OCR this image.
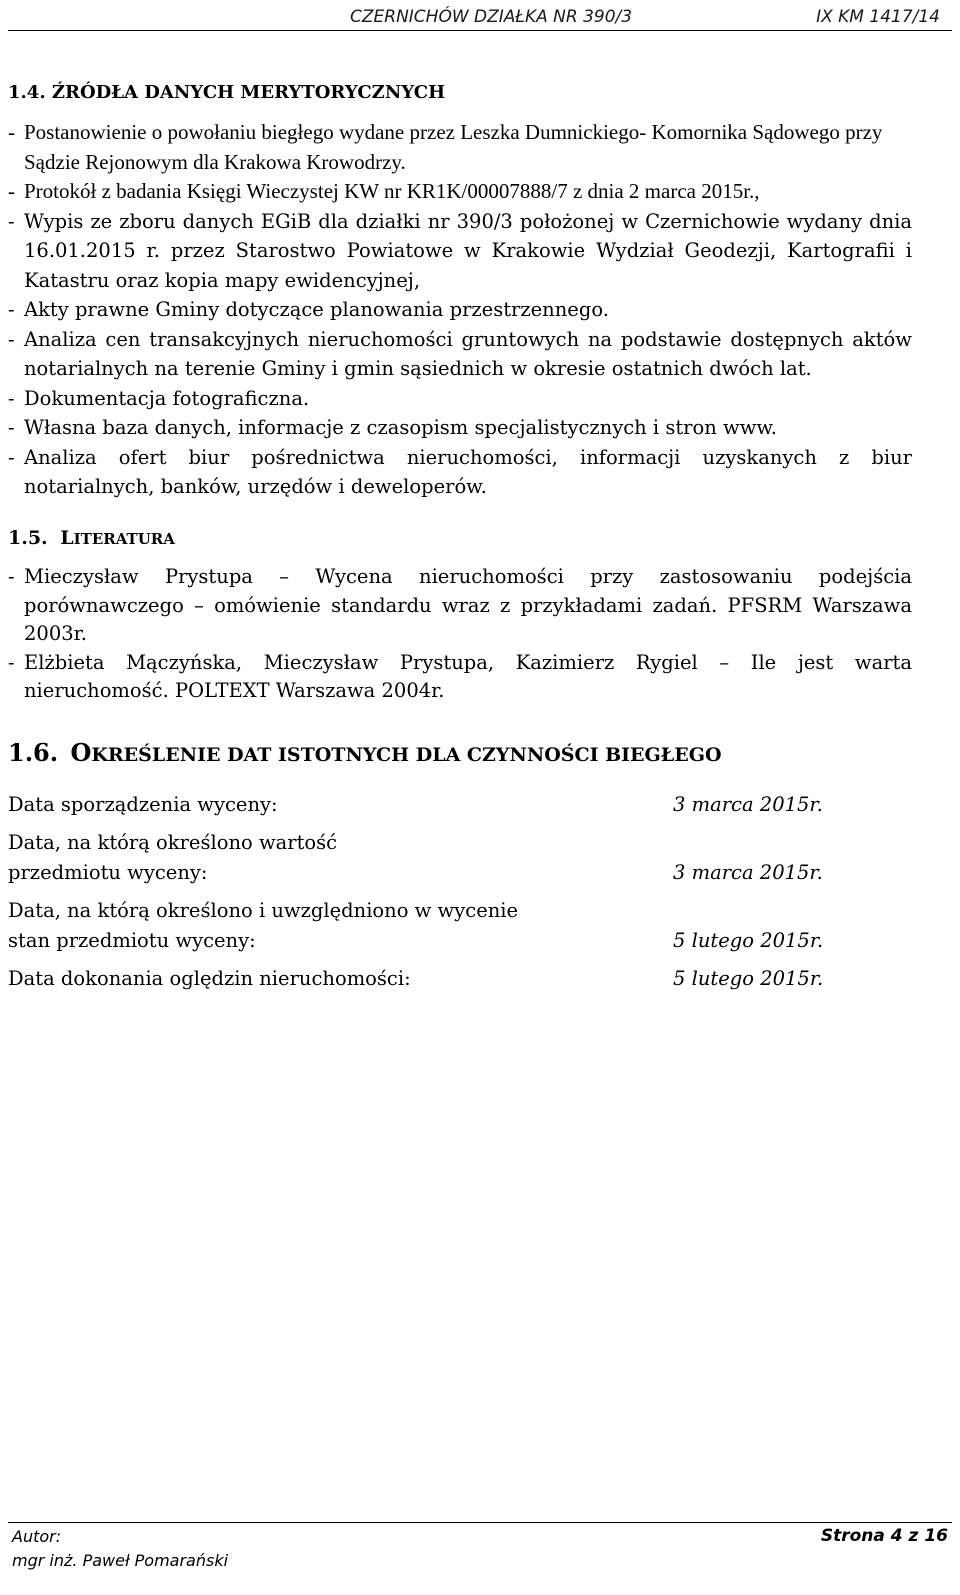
CZERNICHÓW DZIAŁKA NR 390/3	IX KM 1417/14
1.4. ŹRÓDŁA DANYCH MERYTORYCZNYCH
- Postanowienie o powołaniu biegłego wydane przez Leszka Dumnickiego- Komornika Sądowego przy Sądzie Rejonowym dla Krakowa Krowodrzy.
- Protokół z badania Księgi Wieczystej KW nr KR1K/00007888/7 z dnia 2 marca 2015r.,
- Wypis ze zboru danych EGiB dla działki nr 390/3 położonej w Czernichowie wydany dnia 16.01.2015 r. przez Starostwo Powiatowe w Krakowie Wydział Geodezji, Kartografii i Katastru oraz kopia mapy ewidencyjnej,
- Akty prawne Gminy dotyczące planowania przestrzennego.
- Analiza cen transakcyjnych nieruchomości gruntowych na podstawie dostępnych aktów notarialnych na terenie Gminy i gmin sąsiednich w okresie ostatnich dwóch lat.
- Dokumentacja fotograficzna.
- Własna baza danych, informacje z czasopism specjalistycznych i stron www.
- Analiza ofert biur pośrednictwa nieruchomości, informacji uzyskanych z biur notarialnych, banków, urzędów i deweloperów.
1.5. LITERATURA
- Mieczysław Prystupa – Wycena nieruchomości przy zastosowaniu podejścia
porównawczego – omówienie standardu wraz z przykładami zadań. PFSRM Warszawa 2003r.
- Elżbieta Mączyńska, Mieczysław Prystupa, Kazimierz Rygiel – Ile jest warta
nieruchomość. POLTEXT Warszawa 2004r.
1.6. OKREŚLENIE DAT ISTOTNYCH DLA CZYNNOŚCI BIEGŁEGO
Data sporządzenia wyceny:	3 marca 2015r.
Data, na którą określono wartość przedmiotu wyceny:	3 marca 2015r.
Data, na którą określono i uwzględniono w wycenie stan przedmiotu wyceny:	5 lutego 2015r.
Data dokonania oględzin nieruchomości:	5 lutego 2015r.
Autor:
mgr inż. Paweł Pomarański
Strona 4 z 16
